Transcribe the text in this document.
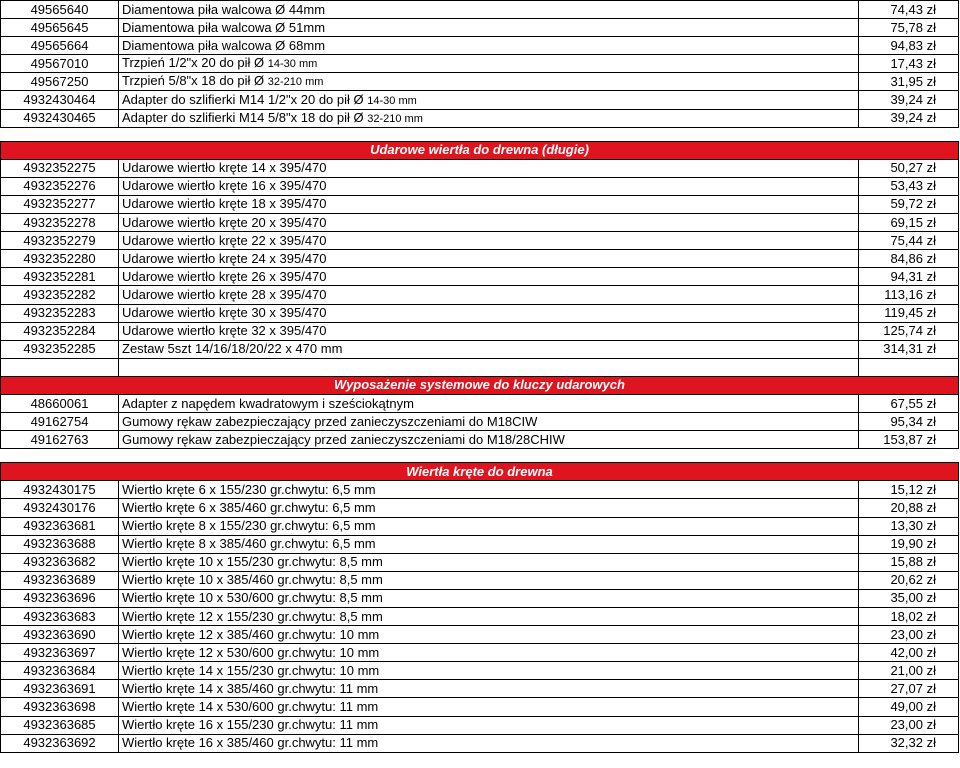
49565640	Diamentowa piła walcowa Ø 44mm	74,43 zł
49565645	Diamentowa piła walcowa Ø 51mm	75,78 zł
49565664	Diamentowa piła walcowa Ø 68mm	94,83 zł
49567010	Trzpień 1/2"x 20 do pił Ø 14-30 mm	17,43 zł
49567250	Trzpień 5/8"x 18 do pił Ø 32-210 mm	31,95 zł
4932430464	Adapter do szlifierki M14 1/2"x 20 do pił Ø 14-30 mm	39,24 zł
4932430465	Adapter do szlifierki M14 5/8"x 18 do pił Ø 32-210 mm	39,24 zł

Udarowe wiertła do drewna (długie)		
4932352275	Udarowe wiertło kręte 14 x 395/470	50,27 zł
4932352276	Udarowe wiertło kręte 16 x 395/470	53,43 zł
4932352277	Udarowe wiertło kręte 18 x 395/470	59,72 zł
4932352278	Udarowe wiertło kręte 20 x 395/470	69,15 zł
4932352279	Udarowe wiertło kręte 22 x 395/470	75,44 zł
4932352280	Udarowe wiertło kręte 24 x 395/470	84,86 zł
4932352281	Udarowe wiertło kręte 26 x 395/470	94,31 zł
4932352282	Udarowe wiertło kręte 28 x 395/470	113,16 zł
4932352283	Udarowe wiertło kręte 30 x 395/470	119,45 zł
4932352284	Udarowe wiertło kręte 32 x 395/470	125,74 zł
4932352285	Zestaw 5szt 14/16/18/20/22 x 470 mm	314,31 zł

Wyposażenie systemowe do kluczy udarowych		
48660061	Adapter z napędem kwadratowym i sześciokątnym	67,55 zł
49162754	Gumowy rękaw zabezpieczający przed zanieczyszczeniami do M18CIW	95,34 zł
49162763	Gumowy rękaw zabezpieczający przed zanieczyszczeniami do M18/28CHIW	153,87 zł

Wiertła kręte do drewna		
4932430175	Wiertło kręte 6 x 155/230 gr.chwytu: 6,5 mm	15,12 zł
4932430176	Wiertło kręte 6 x 385/460 gr.chwytu: 6,5 mm	20,88 zł
4932363681	Wiertło kręte 8 x 155/230 gr.chwytu: 6,5 mm	13,30 zł
4932363688	Wiertło kręte 8 x 385/460 gr.chwytu: 6,5 mm	19,90 zł
4932363682	Wiertło kręte 10 x 155/230 gr.chwytu: 8,5 mm	15,88 zł
4932363689	Wiertło kręte 10 x 385/460 gr.chwytu: 8,5 mm	20,62 zł
4932363696	Wiertło kręte 10 x 530/600 gr.chwytu: 8,5 mm	35,00 zł
4932363683	Wiertło kręte 12 x 155/230 gr.chwytu: 8,5 mm	18,02 zł
4932363690	Wiertło kręte 12 x 385/460 gr.chwytu: 10 mm	23,00 zł
4932363697	Wiertło kręte 12 x 530/600 gr.chwytu: 10 mm	42,00 zł
4932363684	Wiertło kręte 14 x 155/230 gr.chwytu: 10 mm	21,00 zł
4932363691	Wiertło kręte 14 x 385/460 gr.chwytu: 11 mm	27,07 zł
4932363698	Wiertło kręte 14 x 530/600 gr.chwytu: 11 mm	49,00 zł
4932363685	Wiertło kręte 16 x 155/230 gr.chwytu: 11 mm	23,00 zł
4932363692	Wiertło kręte 16 x 385/460 gr.chwytu: 11 mm	32,32 zł
